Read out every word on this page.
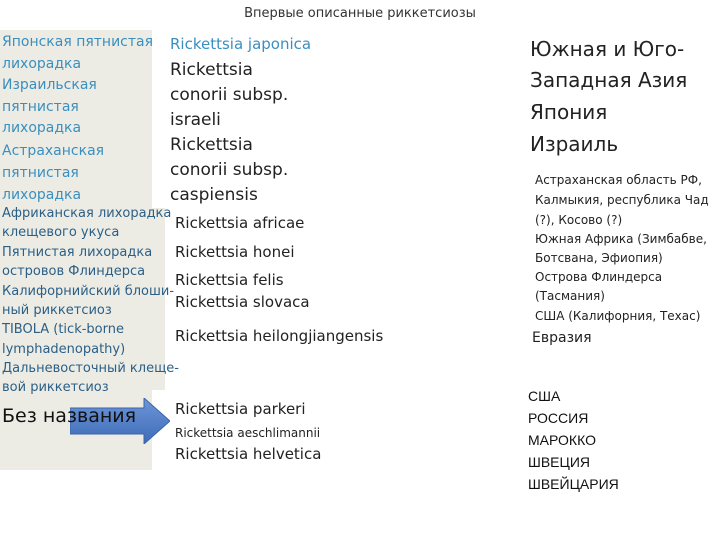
Впервые описанные риккетсиозы
Японская пятнистая
лихорадка
Израильская
пятнистая
лихорадка
Астраханская
пятнистая
лихорадка
Африканская лихорадка
клещевого укуса
Пятнистая лихорадка
островов Флиндерса
Калифорнийский блоши-
ный риккетсиоз
TIBOLA (tick-borne
lymphadenopathy)
Дальневосточный клеще-
вой риккетсиоз
Без названия
Rickettsia japonica
Rickettsia
conorii subsp.
israeli
Rickettsia
conorii subsp.
caspiensis
Rickettsia africae
Rickettsia honei
Rickettsia felis
Rickettsia slovaca
Rickettsia heilongjiangensis
Rickettsia parkeri
Rickettsia aeschlimannii
Rickettsia helvetica
Южная и Юго-
Западная Азия
Япония
Израиль
Астраханская область РФ,
Калмыкия, республика Чад
(?), Косово (?)
Южная Африка (Зимбабве,
Ботсвана, Эфиопия)
Острова Флиндерса
(Тасмания)
США (Калифорния, Техас)
Евразия
США
РОССИЯ
МАРОККО
ШВЕЦИЯ
ШВЕЙЦАРИЯ
